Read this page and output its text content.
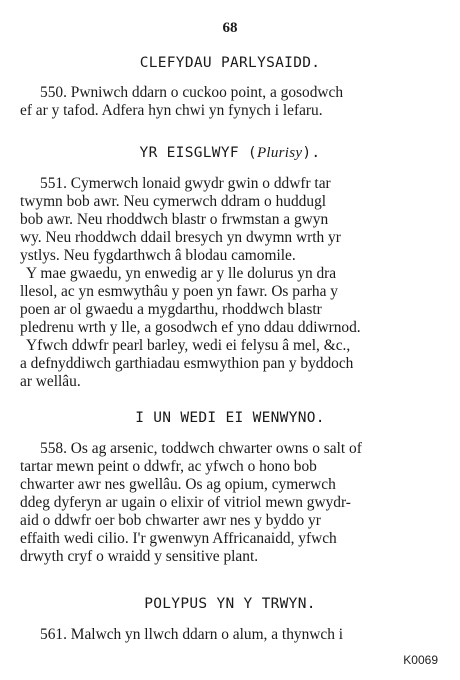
68
CLEFYDAU PARLYSAIDD.
550. Pwniwch ddarn o cuckoo point, a gosodwch
ef ar y tafod. Adfera hyn chwi yn fynych i lefaru.
YR EISGLWYF (Plurisy).
551. Cymerwch lonaid gwydr gwin o ddwfr tar
twymn bob awr. Neu cymerwch ddram o huddugl
bob awr. Neu rhoddwch blastr o frwmstan a gwyn
wy. Neu rhoddwch ddail bresych yn dwymn wrth yr
ystlys. Neu fygdarthwch â blodau camomile.
Y mae gwaedu, yn enwedig ar y lle dolurus yn dra
llesol, ac yn esmwythâu y poen yn fawr. Os parha y
poen ar ol gwaedu a mygdarthu, rhoddwch blastr
pledrenu wrth y lle, a gosodwch ef yno ddau ddiwrnod.
Yfwch ddwfr pearl barley, wedi ei felysu â mel, &c.,
a defnyddiwch garthiadau esmwythion pan y byddoch
ar wellâu.
I UN WEDI EI WENWYNO.
558. Os ag arsenic, toddwch chwarter owns o salt of
tartar mewn peint o ddwfr, ac yfwch o hono bob
chwarter awr nes gwellâu. Os ag opium, cymerwch
ddeg dyferyn ar ugain o elixir of vitriol mewn gwydr-
aid o ddwfr oer bob chwarter awr nes y byddo yr
effaith wedi cilio. I'r gwenwyn Affricanaidd, yfwch
drwyth cryf o wraidd y sensitive plant.
POLYPUS YN Y TRWYN.
561. Malwch yn llwch ddarn o alum, a thynwch i
K0069
